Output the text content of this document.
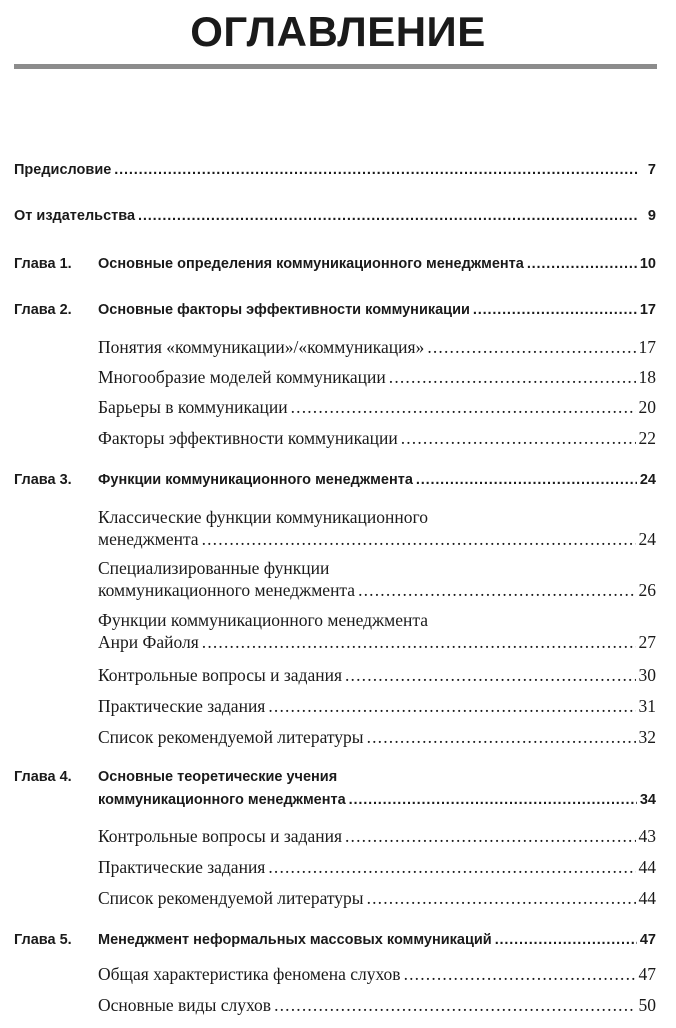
ОГЛАВЛЕНИЕ
Предисловие . . .	7
От издательства . . .	9
Глава 1. Основные определения коммуникационного менеджмента . . .	10
Глава 2. Основные факторы эффективности коммуникации . . .	17
Понятия «коммуникации»/«коммуникация» . . .	17
Многообразие моделей коммуникации . . .	18
Барьеры в коммуникации . . .	20
Факторы эффективности коммуникации . . .	22
Глава 3. Функции коммуникационного менеджмента . . .	24
Классические функции коммуникационного
менеджмента . . .	24
Специализированные функции
коммуникационного менеджмента . . .	26
Функции коммуникационного менеджмента
Анри Файоля . . .	27
Контрольные вопросы и задания . . .	30
Практические задания . . .	31
Список рекомендуемой литературы . . .	32
Глава 4. Основные теоретические учения
коммуникационного менеджмента . . .	34
Контрольные вопросы и задания . . .	43
Практические задания . . .	44
Список рекомендуемой литературы . . .	44
Глава 5. Менеджмент неформальных массовых коммуникаций . . .	47
Общая характеристика феномена слухов . . .	47
Основные виды слухов . . .	50
